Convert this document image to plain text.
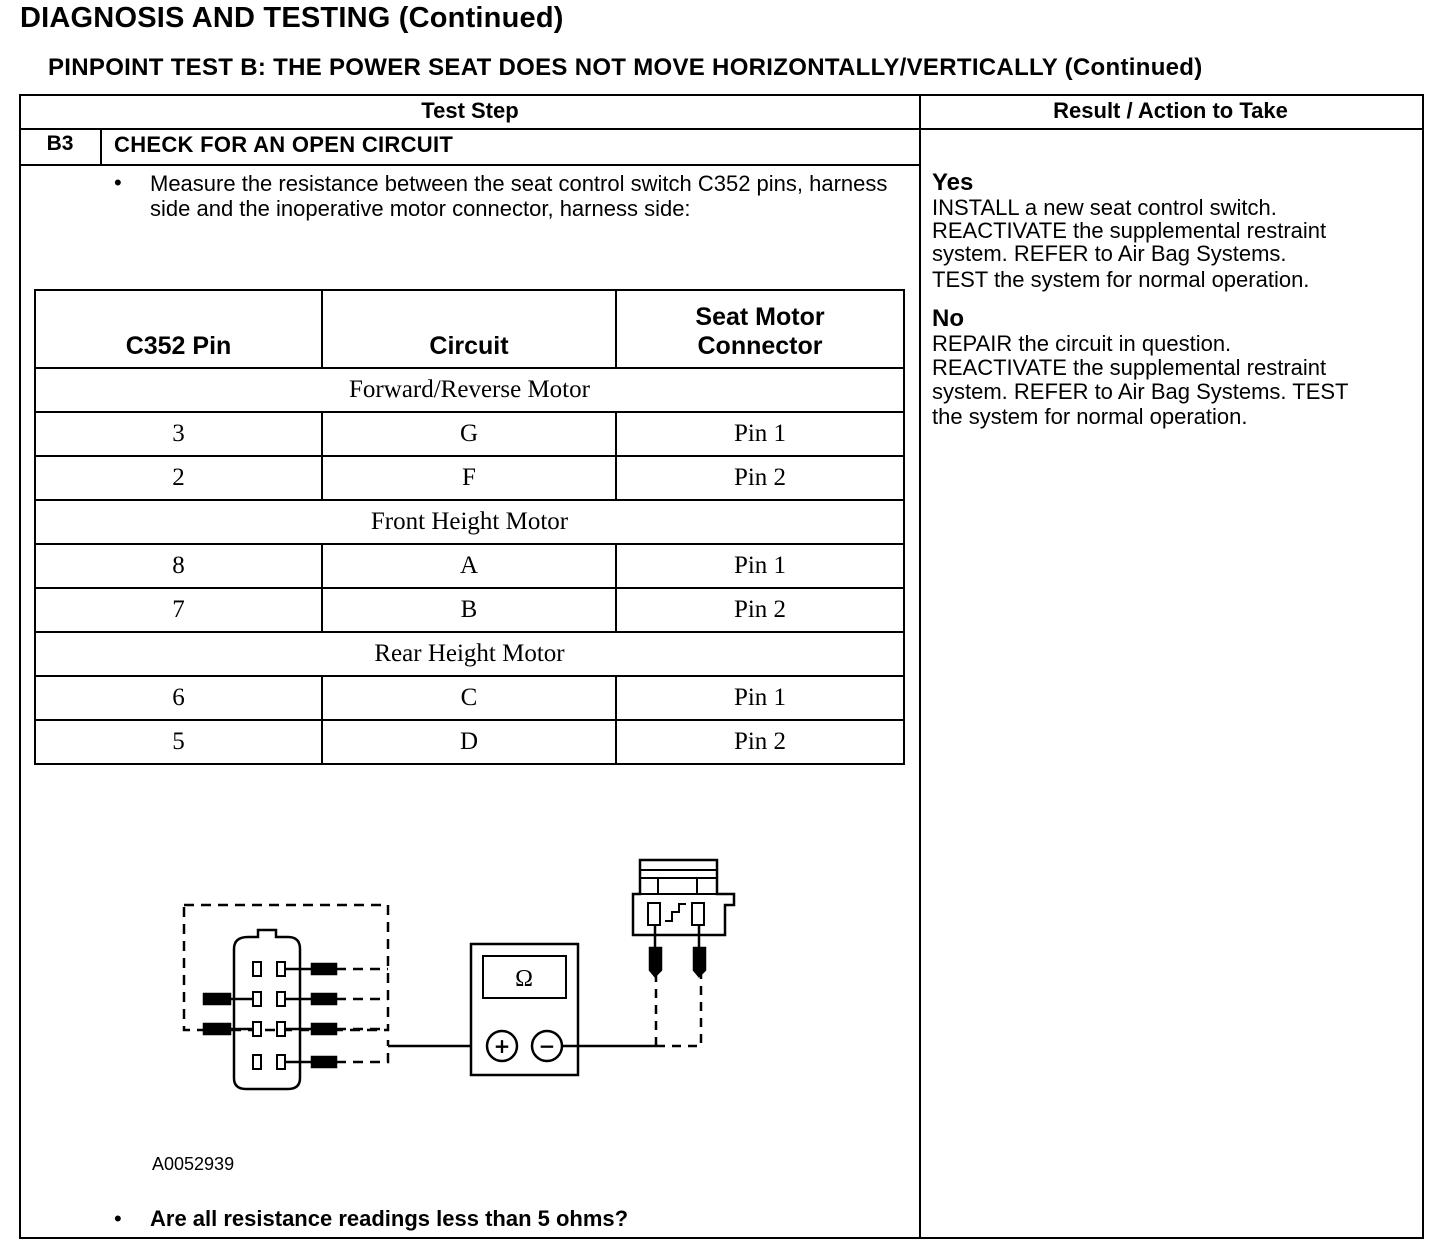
DIAGNOSIS AND TESTING (Continued)
PINPOINT TEST B: THE POWER SEAT DOES NOT MOVE HORIZONTALLY/VERTICALLY (Continued)
Test Step	Result / Action to Take
B3	CHECK FOR AN OPEN CIRCUIT
• Measure the resistance between the seat control switch C352 pins, harness side and the inoperative motor connector, harness side:

C352 Pin	Circuit	Seat Motor Connector
Forward/Reverse Motor		
3	G	Pin 1
2	F	Pin 2
Front Height Motor		
8	A	Pin 1
7	B	Pin 2
Rear Height Motor		
6	C	Pin 1
5	D	Pin 2
Ω
+ −
A0052939
• Are all resistance readings less than 5 ohms?

Yes

INSTALL a new seat control switch.

REACTIVATE the supplemental restraint

system. REFER to Air Bag Systems.

TEST the system for normal operation.

No

REPAIR the circuit in question.

REACTIVATE the supplemental restraint

system. REFER to Air Bag Systems. TEST

the system for normal operation.
